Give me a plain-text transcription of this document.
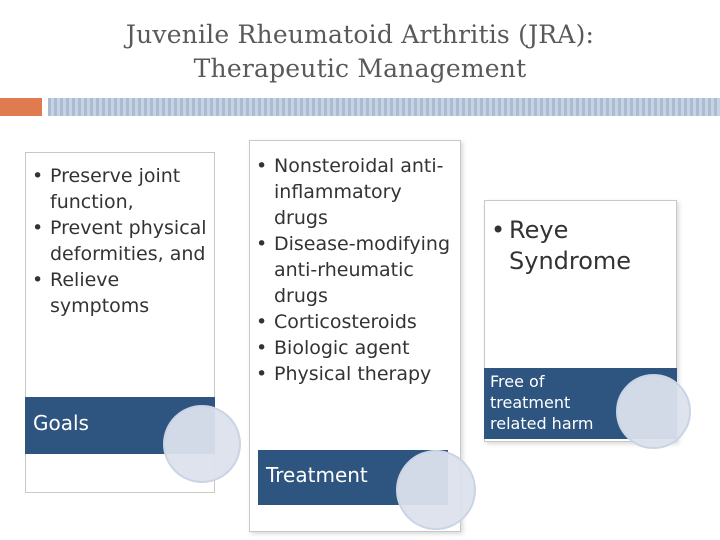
Juvenile Rheumatoid Arthritis (JRA):
Therapeutic Management
• Preserve joint function,
• Prevent physical deformities, and
• Relieve symptoms
Goals
• Nonsteroidal anti-inflammatory drugs
• Disease-modifying anti-rheumatic drugs
• Corticosteroids
• Biologic agent
• Physical therapy
Treatment
• Reye Syndrome
Free of treatment related harm
